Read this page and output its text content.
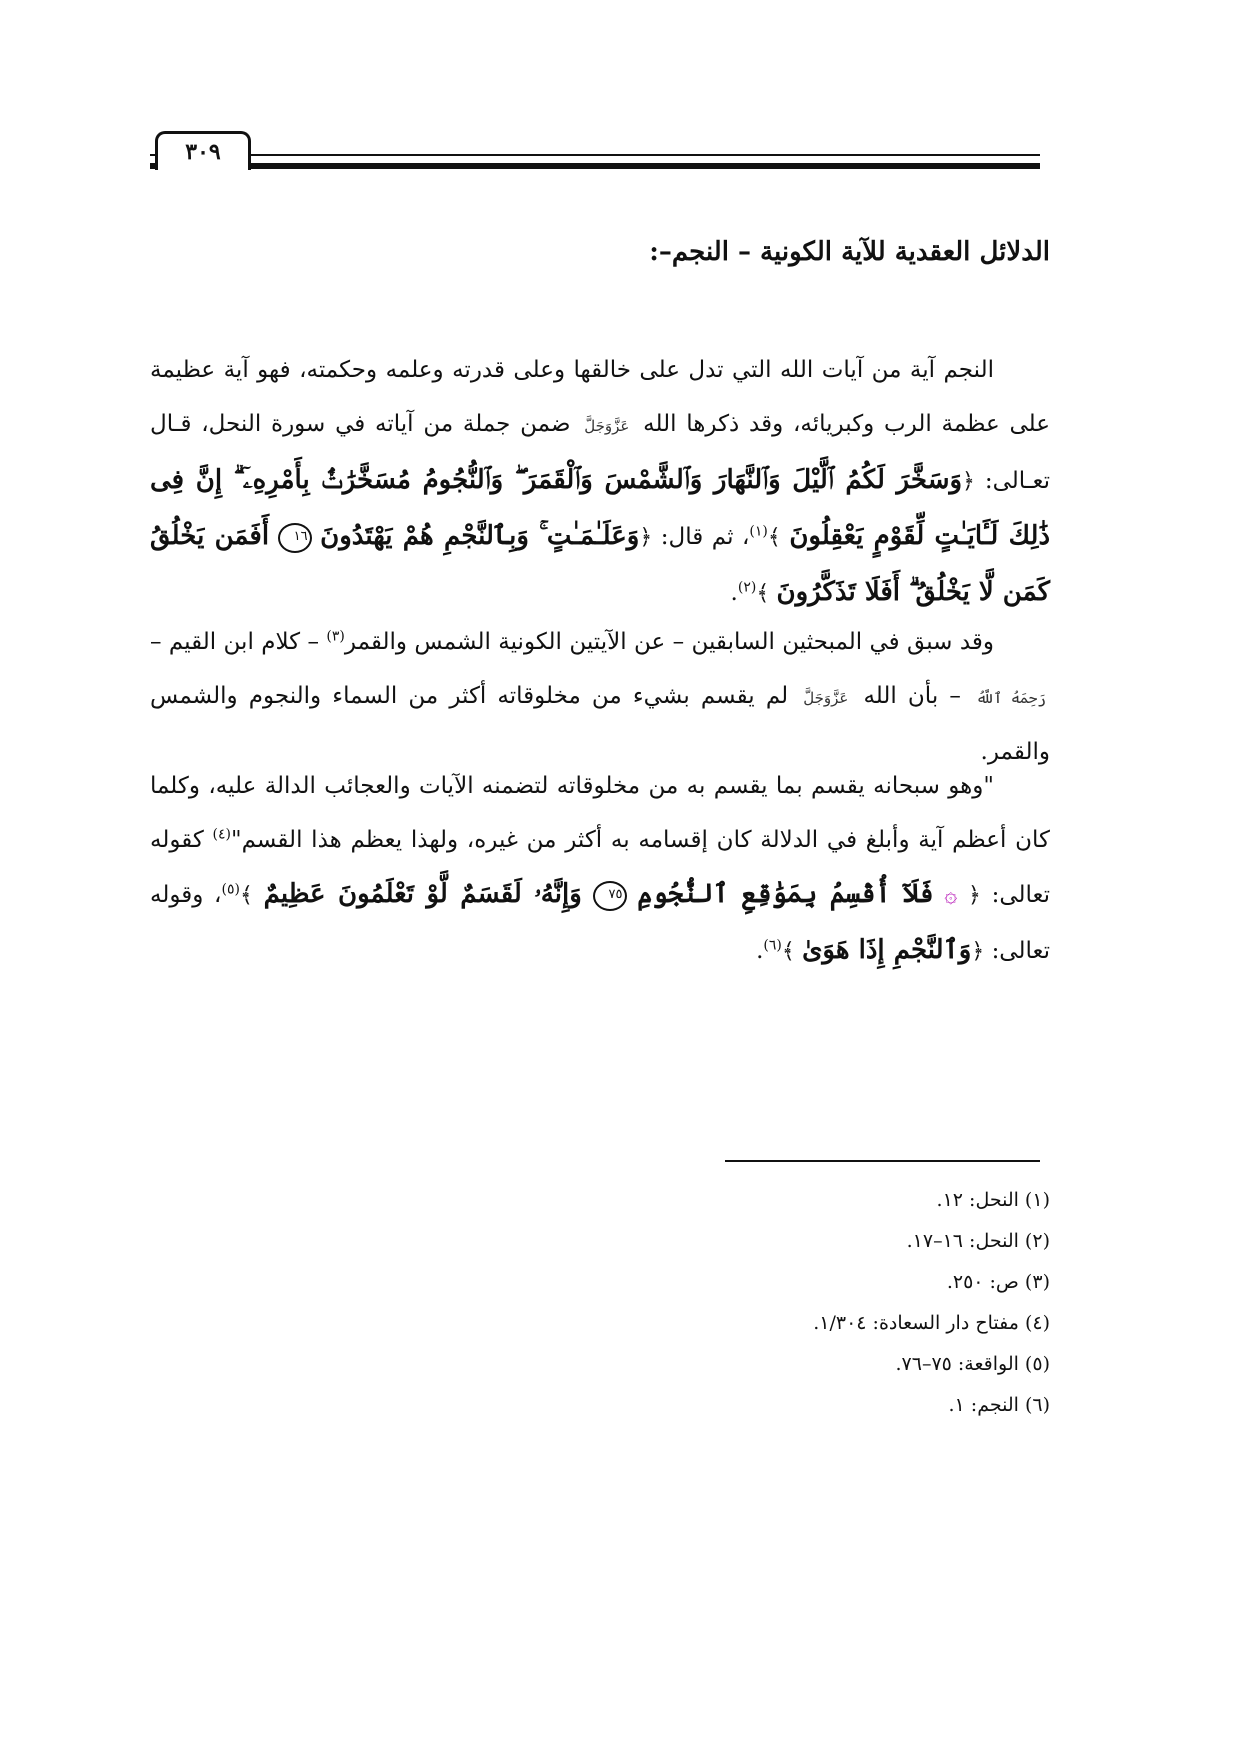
٣٠٩
الدلائل العقدية للآية الكونية – النجم–:

النجم آية من آيات الله التي تدل على خالقها وعلى قدرته وعلمه وحكمته، فهو آية عظيمة على عظمة الرب وكبريائه، وقد ذكرها الله عَزَّوَجَلَّ ضمن جملة من آياته في سورة النحل، قـال تعـالى: ﴿وَسَخَّرَ لَكُمُ ٱلَّيْلَ وَٱلنَّهَارَ وَٱلشَّمْسَ وَٱلْقَمَرَ ۖ وَٱلنُّجُومُ مُسَخَّرَٰتٌۢ بِأَمْرِهِۦٓ ۗ إِنَّ فِى ذَٰلِكَ لَـَٔايَـٰتٍ لِّقَوْمٍ يَعْقِلُونَ ﴾$^{(١)}$، ثم قال: ﴿وَعَلَـٰمَـٰتٍ ۚ وَبِٱلنَّجْمِ هُمْ يَهْتَدُونَ ١٦ أَفَمَن يَخْلُقُ كَمَن لَّا يَخْلُقُ ۗ أَفَلَا تَذَكَّرُونَ ﴾$^{(٢)}$.

وقد سبق في المبحثين السابقين – عن الآيتين الكونية الشمس والقمر$^{(٣)}$ – كلام ابن القيم – رَحِمَهُ ٱللَّهُ – بأن الله عَزَّوَجَلَّ لم يقسم بشيء من مخلوقاته أكثر من السماء والنجوم والشمس والقمر.

"وهو سبحانه يقسم بما يقسم به من مخلوقاته لتضمنه الآيات والعجائب الدالة عليه، وكلما كان أعظم آية وأبلغ في الدلالة كان إقسامه به أكثر من غيره، ولهذا يعظم هذا القسم"$^{(٤)}$ كقوله تعالى: ﴿ ۞ فَلَآ أُقْسِمُ بِمَوَٰقِعِ ٱلنُّجُومِ ٧٥ وَإِنَّهُۥ لَقَسَمٌ لَّوْ تَعْلَمُونَ عَظِيمٌ ﴾$^{(٥)}$، وقوله تعالى: ﴿وَٱلنَّجْمِ إِذَا هَوَىٰ ﴾$^{(٦)}$.

(١) النحل: ١٢.
(٢) النحل: ١٦–١٧.
(٣) ص: ٢٥٠.
(٤) مفتاح دار السعادة: ١/٣٠٤.
(٥) الواقعة: ٧٥–٧٦.
(٦) النجم: ١.
